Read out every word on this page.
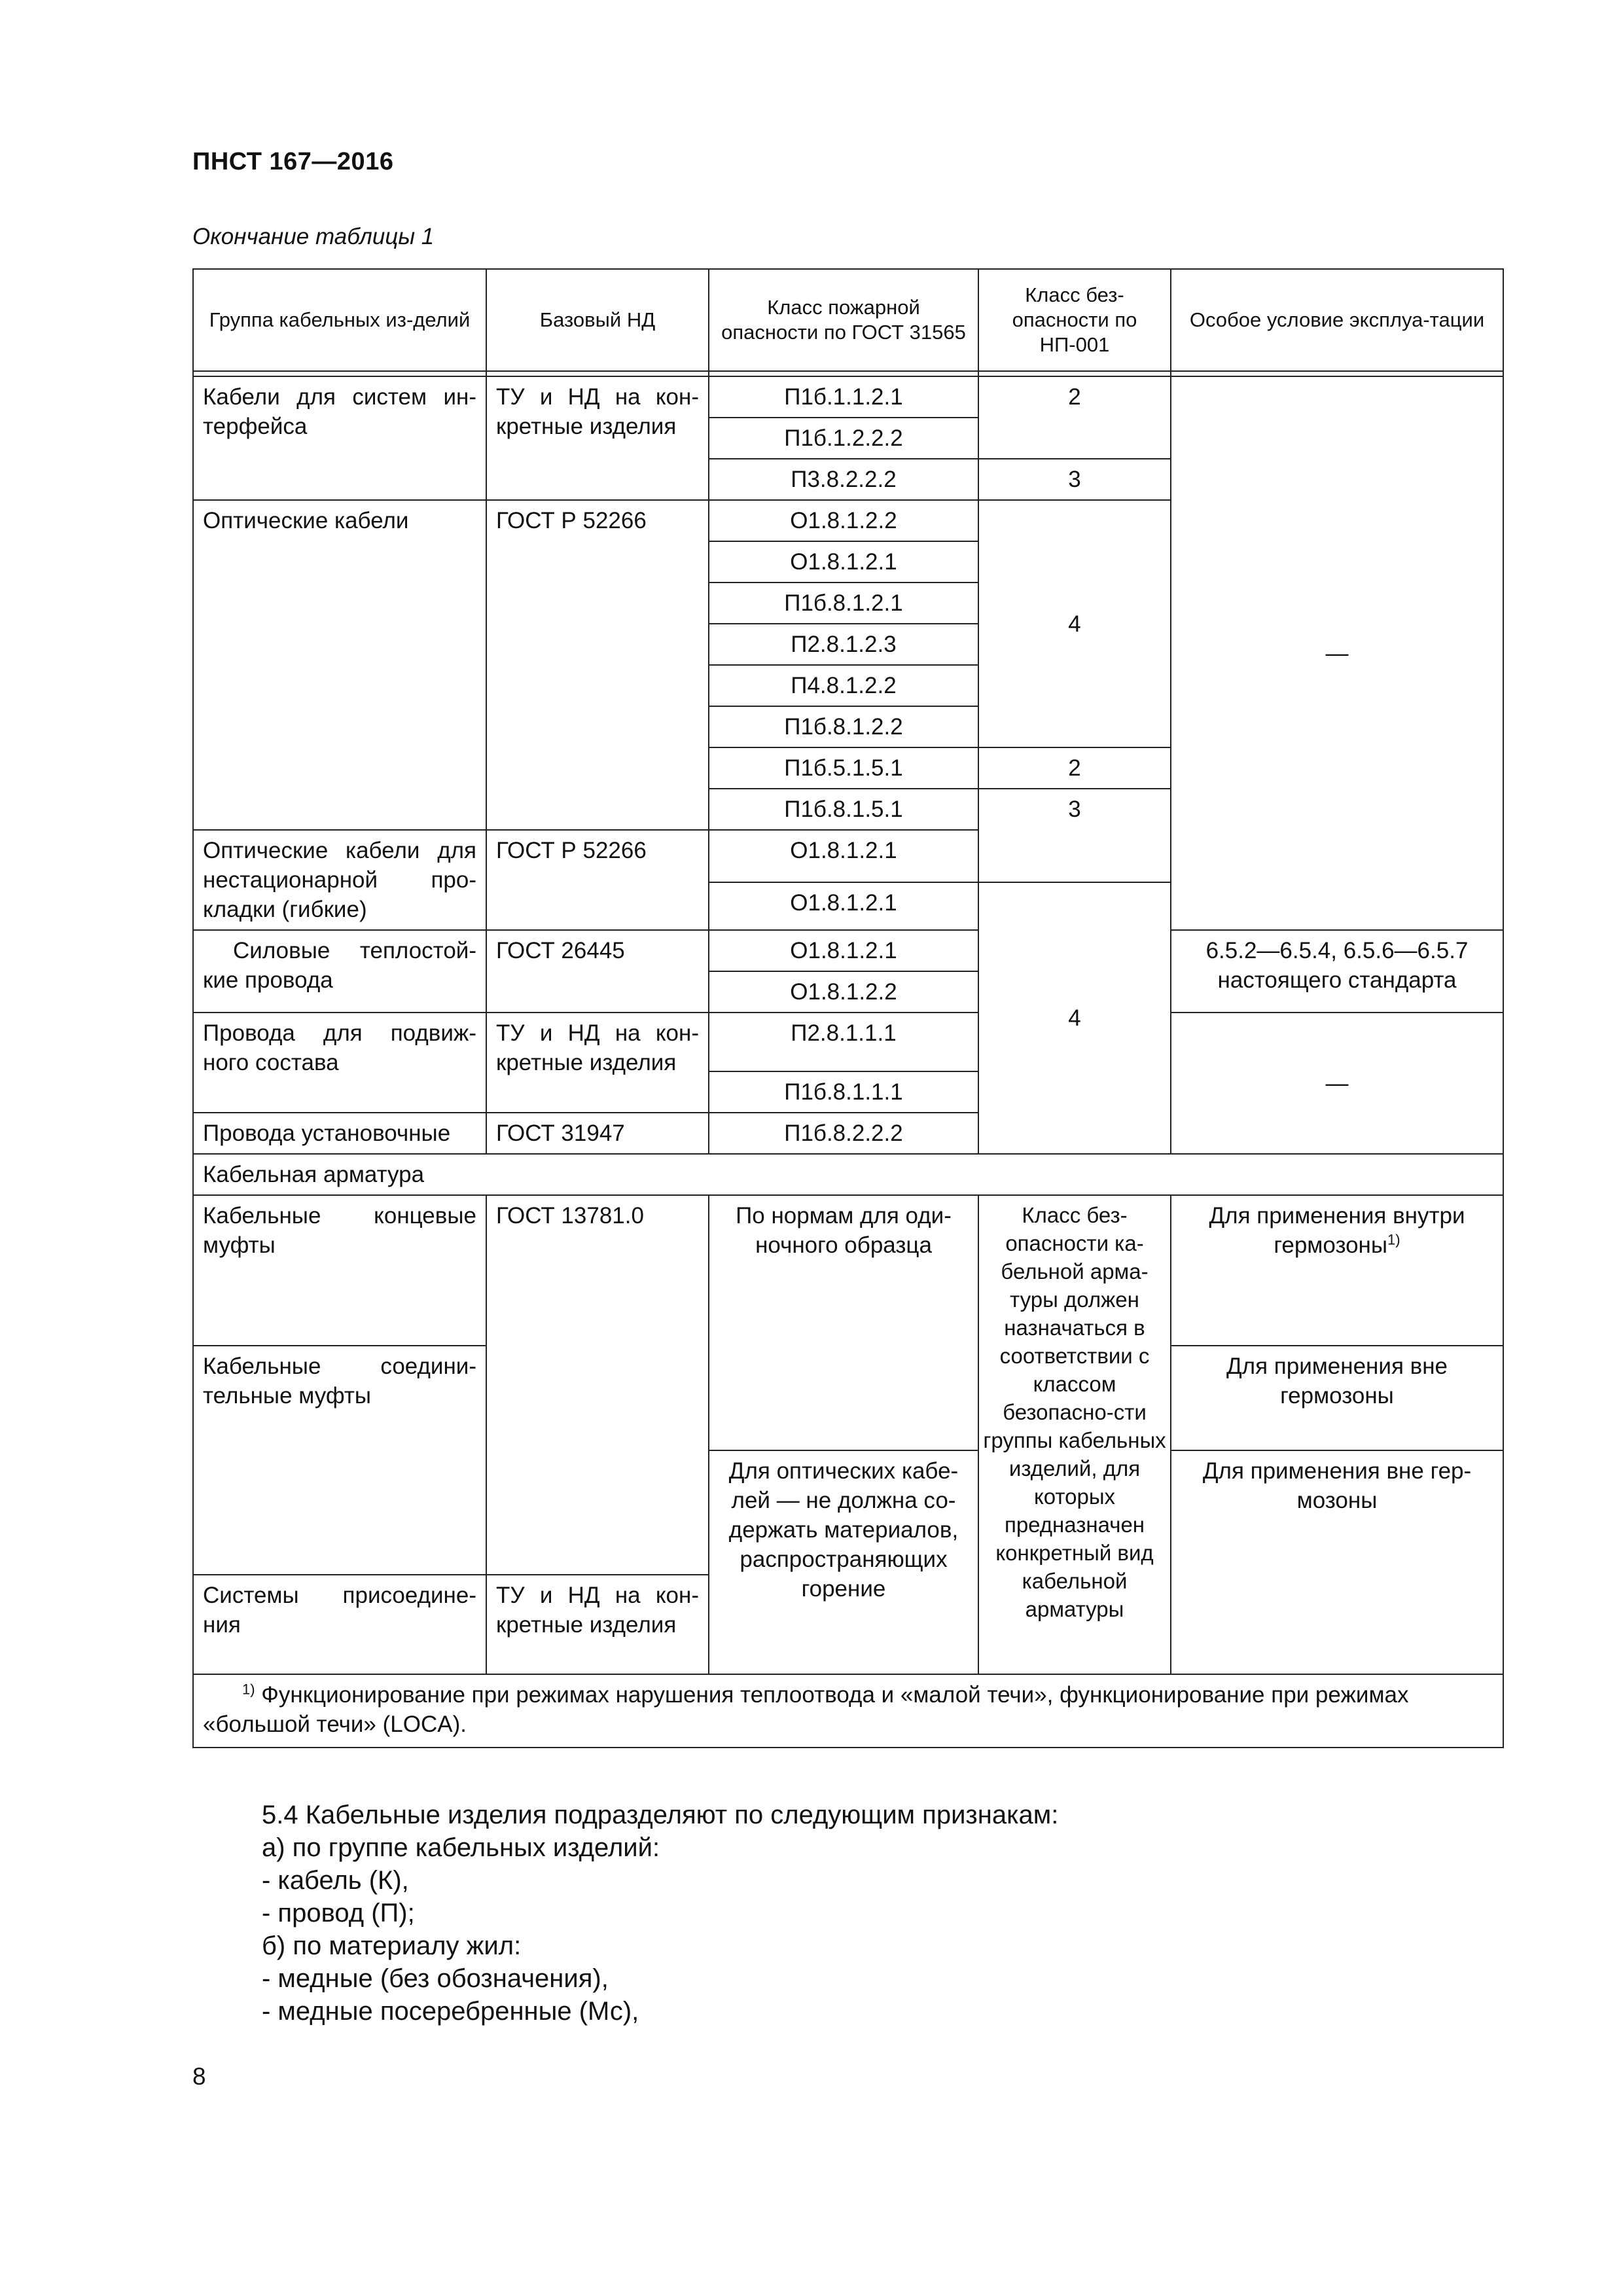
ПНСТ 167—2016
Окончание таблицы 1
Группа кабельных из-делий	Базовый НД	Класс пожарной опасности по ГОСТ 31565	Класс без-опасности по НП-001	Особое условие эксплуа-тации

Кабели для систем ин-терфейса	ТУ и НД на кон-кретные изделия	П1б.1.1.2.1	2	—
		П1б.1.2.2.2		
		П3.8.2.2.2	3	
Оптические кабели	ГОСТ Р 52266	О1.8.1.2.2	4	
		О1.8.1.2.1		
		П1б.8.1.2.1		
		П2.8.1.2.3		
		П4.8.1.2.2		
		П1б.8.1.2.2		
		П1б.5.1.5.1	2	
		П1б.8.1.5.1	3	
Оптические кабели для нестационарной про-кладки (гибкие)	ГОСТ Р 52266	О1.8.1.2.1		
		О1.8.1.2.1	4	
Силовые теплостой-кие провода	ГОСТ 26445	О1.8.1.2.1		6.5.2—6.5.4, 6.5.6—6.5.7 настоящего стандарта
		О1.8.1.2.2		
Провода для подвиж-ного состава	ТУ и НД на кон-кретные изделия	П2.8.1.1.1		—
		П1б.8.1.1.1		
Провода установочные	ГОСТ 31947	П1б.8.2.2.2		
Кабельная арматура				
Кабельные концевые муфты	ГОСТ 13781.0	По нормам для оди-ночного образца	Класс без-опасности ка-бельной арма-туры должен назначаться в соответствии с классом безопасно-сти группы кабельных изделий, для которых предназначен конкретный вид кабельной арматуры	Для применения внутри гермозоны$^{1)}$
Кабельные соедини-тельные муфты				Для применения вне гермозоны
		Для оптических кабе-лей — не должна со-держать материалов, распространяющих горение		Для применения вне гер-мозоны
Системы присоедине-ния	ТУ и НД на кон-кретные изделия			
$^{1)}$ Функционирование при режимах нарушения теплоотвода и «малой течи», функционирование при режимах «большой течи» (LOCA).				
5.4 Кабельные изделия подразделяют по следующим признакам:
а) по группе кабельных изделий:
- кабель (К),
- провод (П);
б) по материалу жил:
- медные (без обозначения),
- медные посеребренные (Мс),
8
